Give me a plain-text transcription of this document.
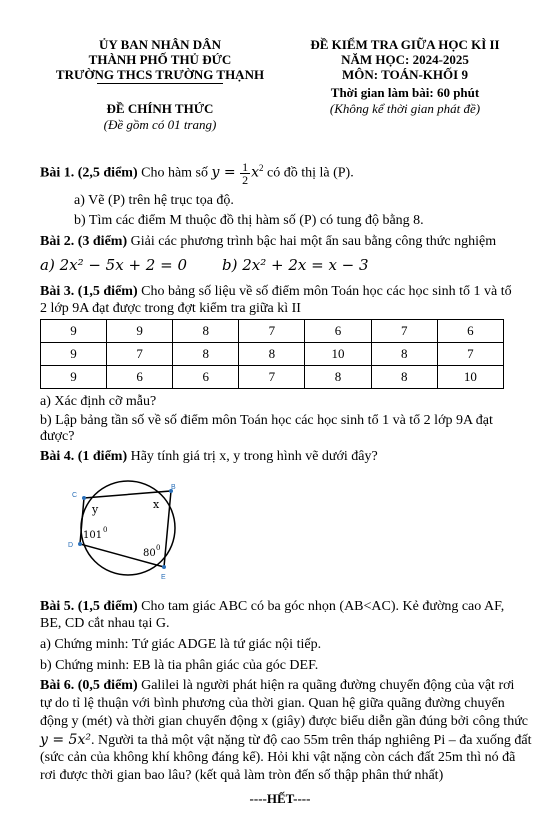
ỦY BAN NHÂN DÂN
THÀNH PHỐ THỦ ĐỨC
TRƯỜNG THCS TRƯỜNG THẠNH
ĐỀ KIỂM TRA GIỮA HỌC KÌ II
NĂM HỌC: 2024-2025
MÔN: TOÁN-KHỐI 9
Thời gian làm bài: 60 phút
(Không kể thời gian phát đề)
ĐỀ CHÍNH THỨC
(Đề gồm có 01 trang)
Bài 1. (2,5 điểm) Cho hàm số $y = \frac{1}{2} x^2$ có đồ thị là (P).
a) Vẽ (P) trên hệ trục tọa độ.
b) Tìm các điểm M thuộc đồ thị hàm số (P) có tung độ bằng 8.
Bài 2. (3 điểm) Giải các phương trình bậc hai một ẩn sau bằng công thức nghiệm
a) 2x² − 5x + 2 = 0 b) 2x² + 2x = x − 3
Bài 3. (1,5 điểm) Cho bảng số liệu về số điểm môn Toán học các học sinh tổ 1 và tổ
2 lớp 9A đạt được trong đợt kiểm tra giữa kì II
9	9	8	7	6	7	6
9	7	8	8	10	8	7
9	6	6	7	8	8	10
a) Xác định cỡ mẫu?
b) Lập bảng tần số về số điểm môn Toán học các học sinh tổ 1 và tổ 2 lớp 9A đạt
được?
Bài 4. (1 điểm) Hãy tính giá trị x, y trong hình vẽ dưới đây?
C
B
D
E
y	x
101 0
80 0
Bài 5. (1,5 điểm) Cho tam giác ABC có ba góc nhọn (AB<AC). Kẻ đường cao AF,
BE, CD cắt nhau tại G.
a) Chứng minh: Tứ giác ADGE là tứ giác nội tiếp.
b) Chứng minh: EB là tia phân giác của góc DEF.
Bài 6. (0,5 điểm) Galilei là người phát hiện ra quãng đường chuyển động của vật rơi
tự do tỉ lệ thuận với bình phương của thời gian. Quan hệ giữa quãng đường chuyển
động y (mét) và thời gian chuyển động x (giây) được biểu diễn gần đúng bởi công thức
y = 5x². Người ta thả một vật nặng từ độ cao 55m trên tháp nghiêng Pi – đa xuống đất
(sức cản của không khí không đáng kể). Hỏi khi vật nặng còn cách đất 25m thì nó đã
rơi được thời gian bao lâu? (kết quả làm tròn đến số thập phân thứ nhất)
----HẾT----
